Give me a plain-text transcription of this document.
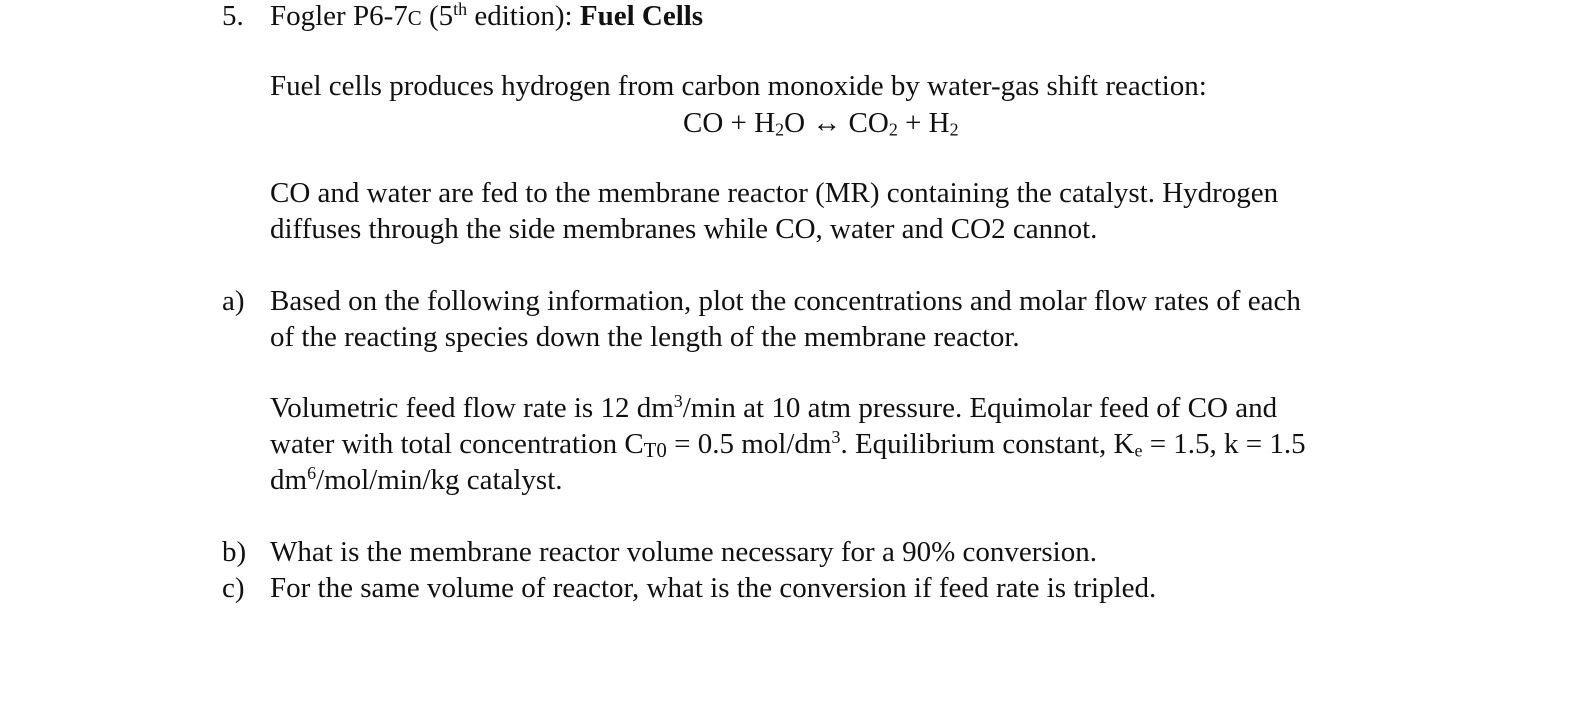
5. Fogler P6-7C (5th edition): Fuel Cells
Fuel cells produces hydrogen from carbon monoxide by water-gas shift reaction:
CO + $H_2O$ ↔ $CO_2 + H_2$
CO and water are fed to the membrane reactor (MR) containing the catalyst. Hydrogen
diffuses through the side membranes while CO, water and CO2 cannot.
a) Based on the following information, plot the concentrations and molar flow rates of each
of the reacting species down the length of the membrane reactor.
Volumetric feed flow rate is 12 $dm^3/\min$ at 10 atm pressure. Equimolar feed of CO and
water with total concentration $C_{T0} = 0.5$ mol/$dm^3$. Equilibrium constant, $K_e = 1.5$, k = 1.5
$dm^6/mol/\min/kg$ catalyst.
b) What is the membrane reactor volume necessary for a 90% conversion.
c) For the same volume of reactor, what is the conversion if feed rate is tripled.
